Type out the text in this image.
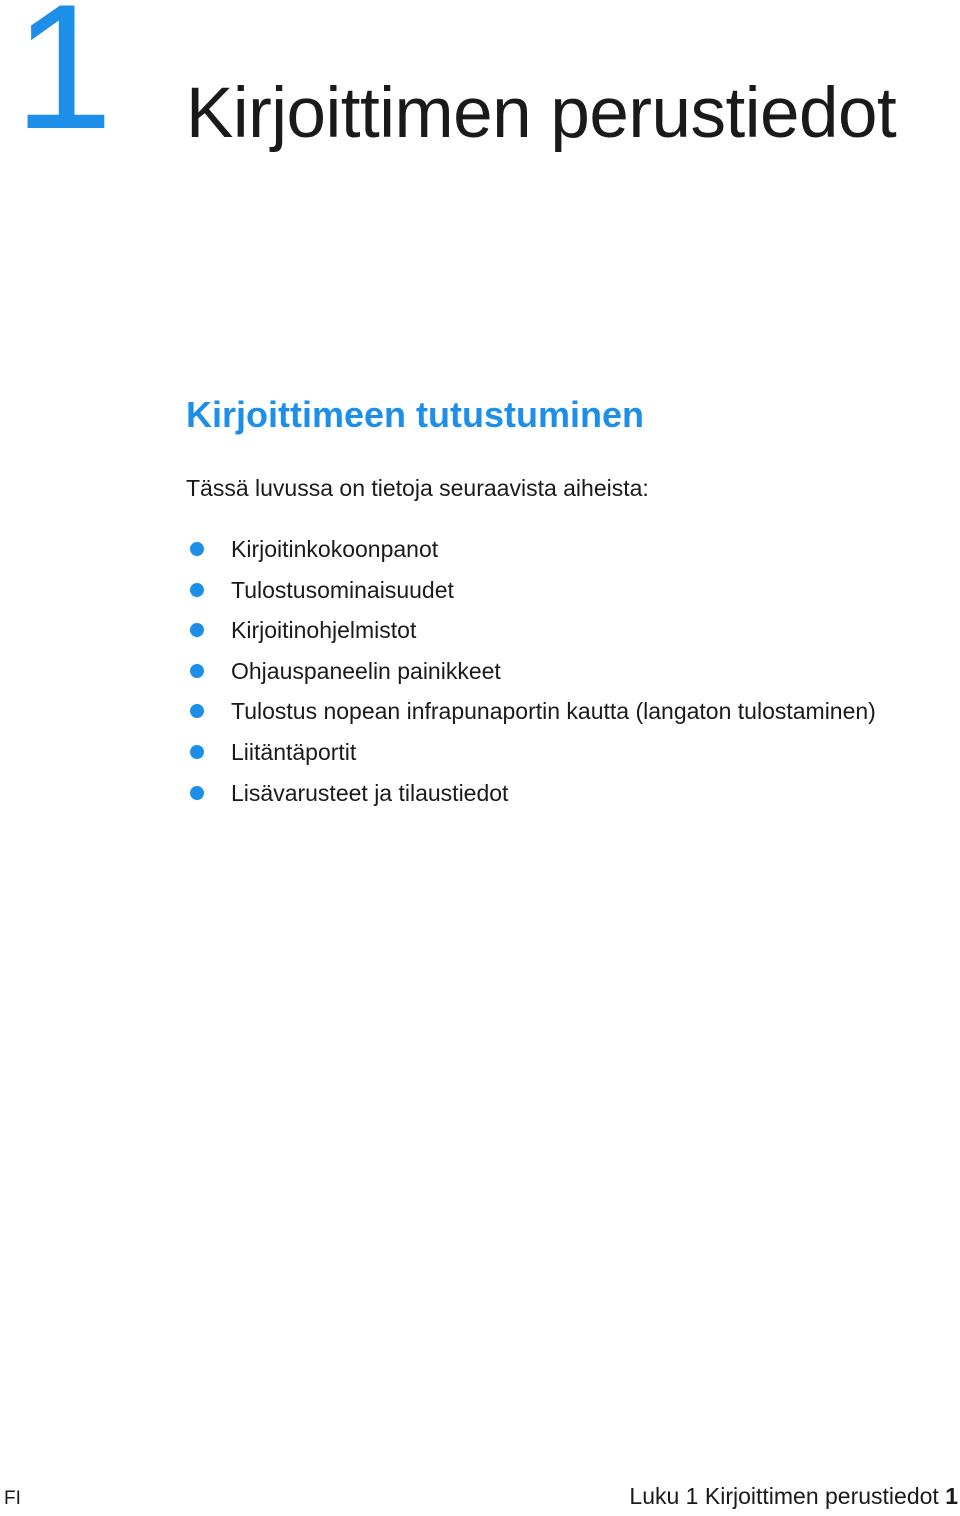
1 Kirjoittimen perustiedot
Kirjoittimeen tutustuminen

Tässä luvussa on tietoja seuraavista aiheista:

Kirjoitinkokoonpanot
Tulostusominaisuudet
Kirjoitinohjelmistot
Ohjauspaneelin painikkeet
Tulostus nopean infrapunaportin kautta (langaton tulostaminen)
Liitäntäportit
Lisävarusteet ja tilaustiedot
FI	Luku 1 Kirjoittimen perustiedot 1
